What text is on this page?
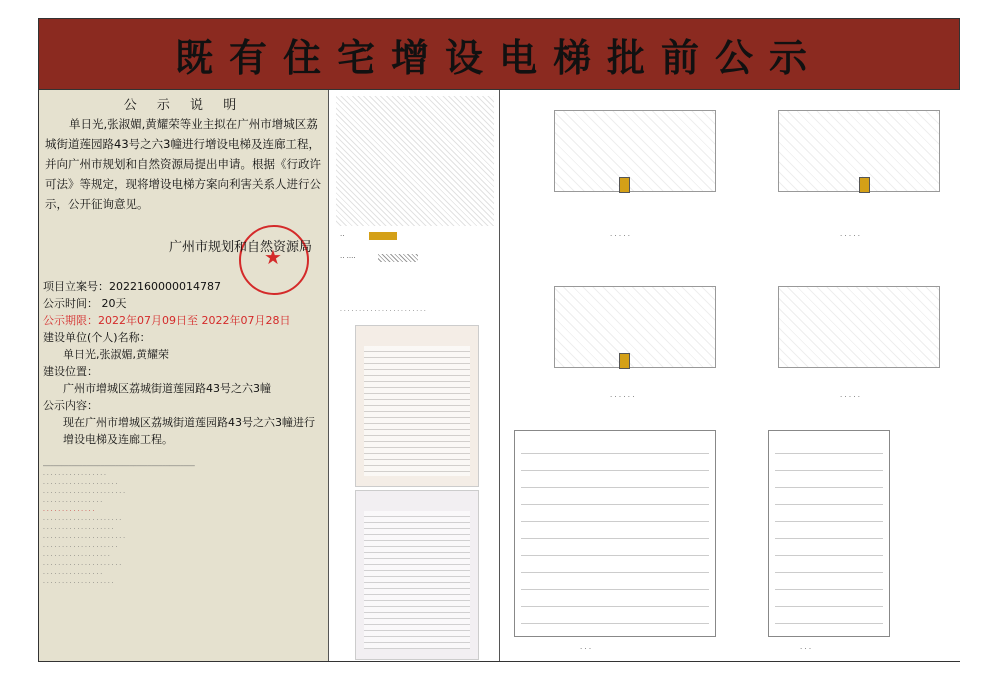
既有住宅增设电梯批前公示
公 示 说 明
单日光,张淑媚,黄耀荣等业主拟在广州市增城区荔城街道莲园路43号之六3幢进行增设电梯及连廊工程，并向广州市规划和自然资源局提出申请。根据《行政许可法》等规定，现将增设电梯方案向利害关系人进行公示，公开征询意见。
★
广州市规划和自然资源局
项目立案号：2022160000014787
公示时间： 20天
公示期限：2022年07月09日至 2022年07月28日
建设单位(个人)名称：
单日光,张淑媚,黄耀荣
建设位置：
广州市增城区荔城街道莲园路43号之六3幢
公示内容：
现在广州市增城区荔城街道莲园路43号之六3幢进行增设电梯及连廊工程。
──────────────────────────────────────────
· · · · · · · · · · · · · · · · ·
· · · · · · · · · · · · · · · · · · · ·
· · · · · · · · · · · · · · · · · · · · · ·
· · · · · · · · · · · · · · · ·
· · · · · · · · · · · · · ·
· · · · · · · · · · · · · · · · · · · · ·
· · · · · · · · · · · · · · · · · · ·
· · · · · · · · · · · · · · · · · · · · · ·
· · · · · · · · · · · · · · · · · · · ·
· · · · · · · · · · · · · · · · · ·
· · · · · · · · · · · · · · · · · · · · ·
· · · · · · · · · · · · · · · ·
· · · · · · · · · · · · · · · · · · ·
··
·· ····
· · · · · · · · · · · · · · · · · · · · · · ·
· · · · ·	· · · · ·
· · · · · ·	· · · · ·
· · ·	· · ·
